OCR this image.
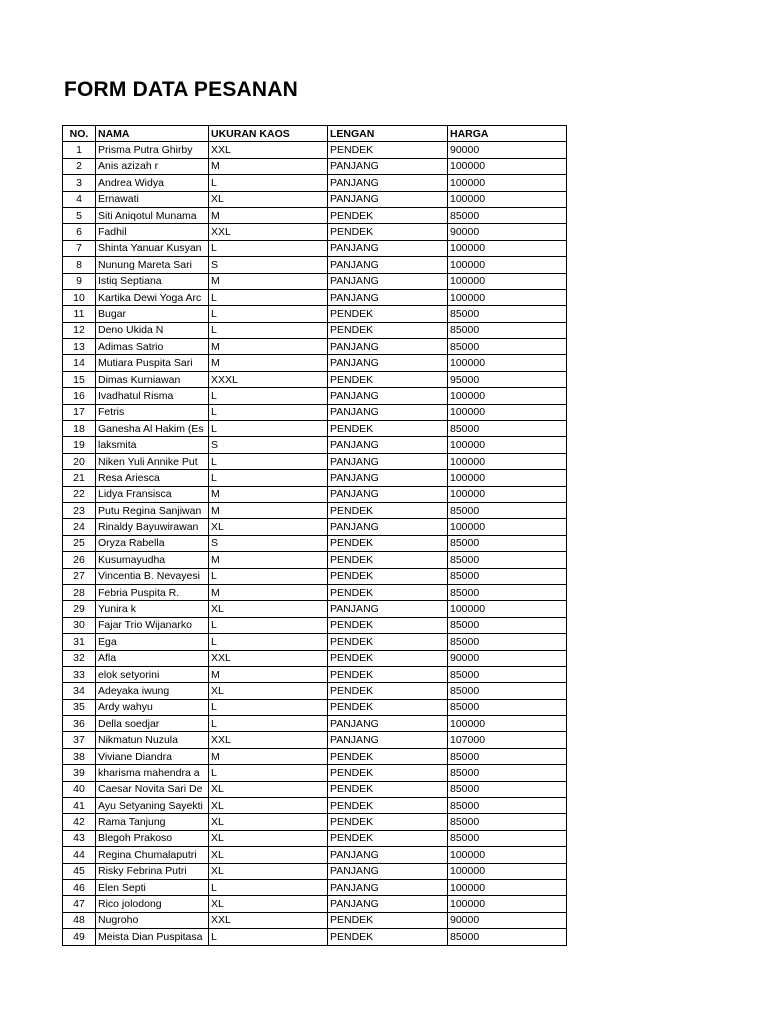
FORM DATA PESANAN
NO.	NAMA	UKURAN KAOS	LENGAN	HARGA
1	Prisma Putra Ghirby	XXL	PENDEK	90000
2	Anis azizah r	M	PANJANG	100000
3	Andrea Widya	L	PANJANG	100000
4	Ernawati	XL	PANJANG	100000
5	Siti Aniqotul Munama	M	PENDEK	85000
6	Fadhil	XXL	PENDEK	90000
7	Shinta Yanuar Kusyan	L	PANJANG	100000
8	Nunung Mareta Sari	S	PANJANG	100000
9	Istiq Septiana	M	PANJANG	100000
10	Kartika Dewi Yoga Arc	L	PANJANG	100000
11	Bugar	L	PENDEK	85000
12	Deno Ukida N	L	PENDEK	85000
13	Adimas Satrio	M	PANJANG	85000
14	Mutiara Puspita Sari	M	PANJANG	100000
15	Dimas Kurniawan	XXXL	PENDEK	95000
16	Ivadhatul Risma	L	PANJANG	100000
17	Fetris	L	PANJANG	100000
18	Ganesha Al Hakim (Es	L	PENDEK	85000
19	laksmita	S	PANJANG	100000
20	Niken Yuli Annike Put	L	PANJANG	100000
21	Resa Ariesca	L	PANJANG	100000
22	Lidya Fransisca	M	PANJANG	100000
23	Putu Regina Sanjiwan	M	PENDEK	85000
24	Rinaldy Bayuwirawan	XL	PANJANG	100000
25	Oryza Rabella	S	PENDEK	85000
26	Kusumayudha	M	PENDEK	85000
27	Vincentia B. Nevayesi	L	PENDEK	85000
28	Febria Puspita R.	M	PENDEK	85000
29	Yunira k	XL	PANJANG	100000
30	Fajar Trio Wijanarko	L	PENDEK	85000
31	Ega	L	PENDEK	85000
32	Afla	XXL	PENDEK	90000
33	elok setyorini	M	PENDEK	85000
34	Adeyaka iwung	XL	PENDEK	85000
35	Ardy wahyu	L	PENDEK	85000
36	Della soedjar	L	PANJANG	100000
37	Nikmatun Nuzula	XXL	PANJANG	107000
38	Viviane Diandra	M	PENDEK	85000
39	kharisma mahendra a	L	PENDEK	85000
40	Caesar Novita Sari De	XL	PENDEK	85000
41	Ayu Setyaning Sayekti	XL	PENDEK	85000
42	Rama Tanjung	XL	PENDEK	85000
43	Blegoh Prakoso	XL	PENDEK	85000
44	Regina Chumalaputri	XL	PANJANG	100000
45	Risky Febrina Putri	XL	PANJANG	100000
46	Elen Septi	L	PANJANG	100000
47	Rico jolodong	XL	PANJANG	100000
48	Nugroho	XXL	PENDEK	90000
49	Meista Dian Puspitasa	L	PENDEK	85000
